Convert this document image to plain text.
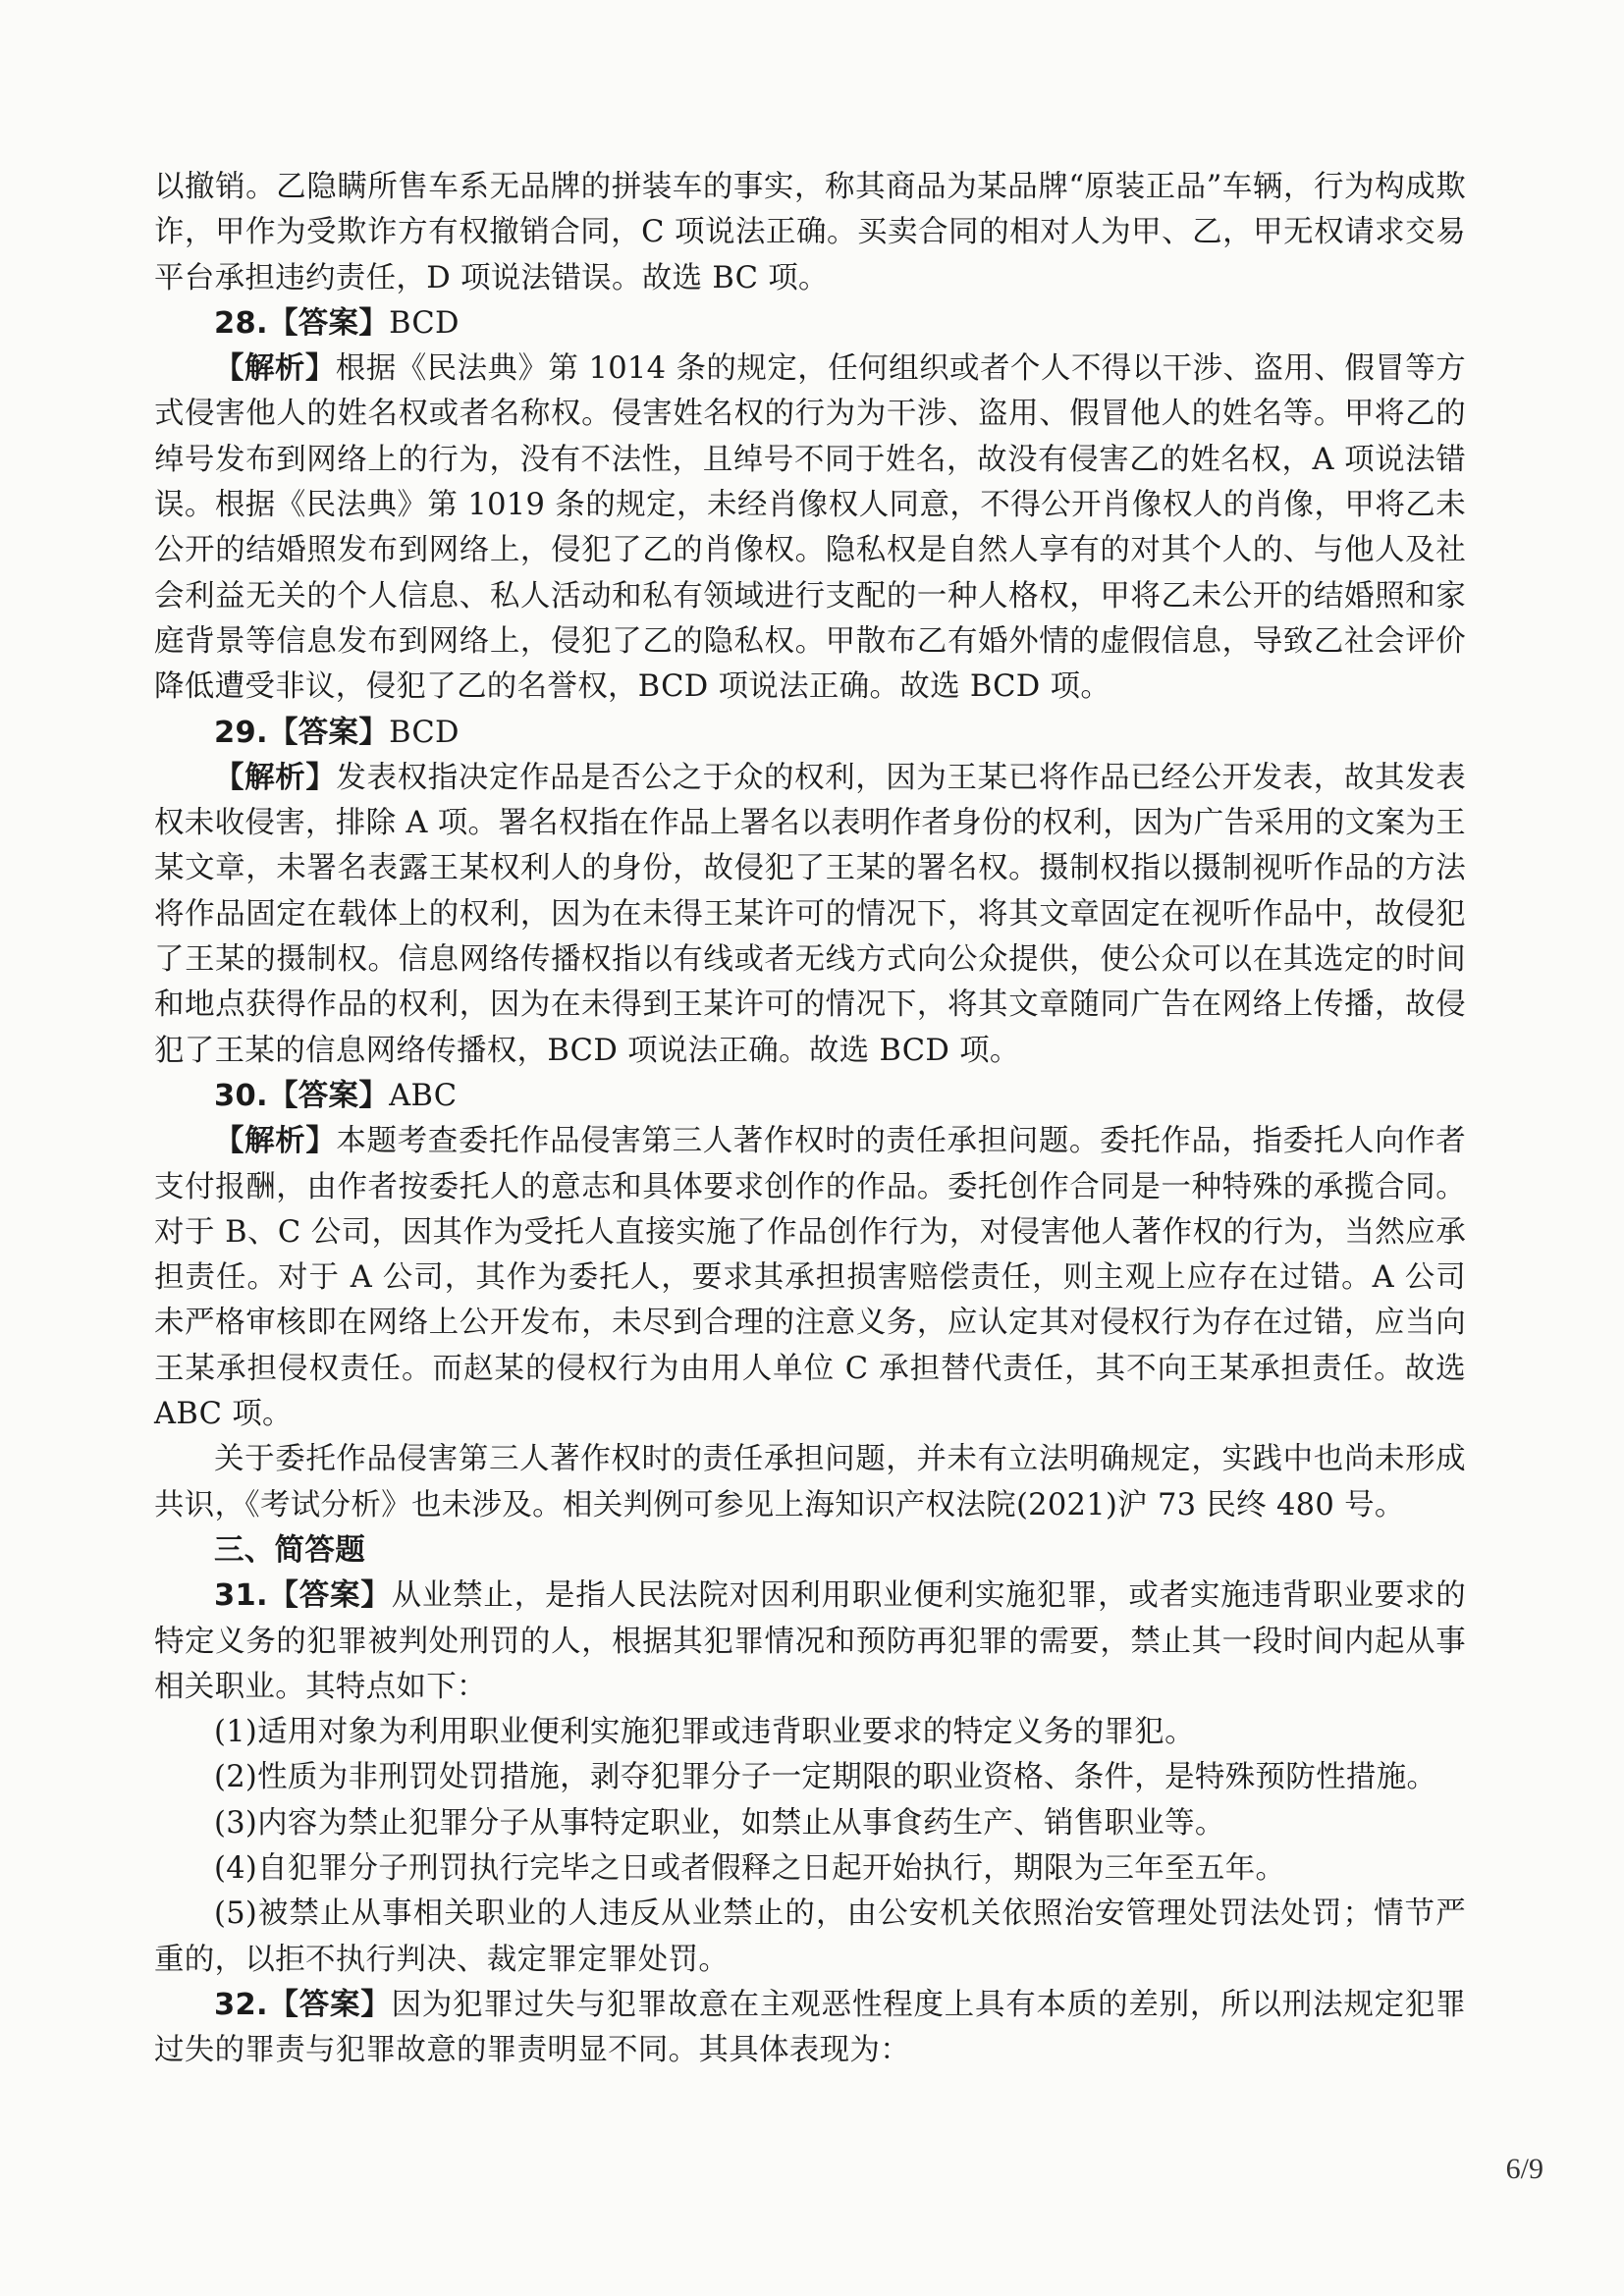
以撤销。乙隐瞒所售车系无品牌的拼装车的事实，称其商品为某品牌“原装正品”车辆，行为构成欺诈，甲作为受欺诈方有权撤销合同，C 项说法正确。买卖合同的相对人为甲、乙，甲无权请求交易平台承担违约责任，D 项说法错误。故选 BC 项。

28.【答案】BCD

【解析】根据《民法典》第 1014 条的规定，任何组织或者个人不得以干涉、盗用、假冒等方式侵害他人的姓名权或者名称权。侵害姓名权的行为为干涉、盗用、假冒他人的姓名等。甲将乙的绰号发布到网络上的行为，没有不法性，且绰号不同于姓名，故没有侵害乙的姓名权，A 项说法错误。根据《民法典》第 1019 条的规定，未经肖像权人同意，不得公开肖像权人的肖像，甲将乙未公开的结婚照发布到网络上，侵犯了乙的肖像权。隐私权是自然人享有的对其个人的、与他人及社会利益无关的个人信息、私人活动和私有领域进行支配的一种人格权，甲将乙未公开的结婚照和家庭背景等信息发布到网络上，侵犯了乙的隐私权。甲散布乙有婚外情的虚假信息，导致乙社会评价降低遭受非议，侵犯了乙的名誉权，BCD 项说法正确。故选 BCD 项。

29.【答案】BCD

【解析】发表权指决定作品是否公之于众的权利，因为王某已将作品已经公开发表，故其发表权未收侵害，排除 A 项。署名权指在作品上署名以表明作者身份的权利，因为广告采用的文案为王某文章，未署名表露王某权利人的身份，故侵犯了王某的署名权。摄制权指以摄制视听作品的方法将作品固定在载体上的权利，因为在未得王某许可的情况下，将其文章固定在视听作品中，故侵犯了王某的摄制权。信息网络传播权指以有线或者无线方式向公众提供，使公众可以在其选定的时间和地点获得作品的权利，因为在未得到王某许可的情况下，将其文章随同广告在网络上传播，故侵犯了王某的信息网络传播权，BCD 项说法正确。故选 BCD 项。

30.【答案】ABC

【解析】本题考查委托作品侵害第三人著作权时的责任承担问题。委托作品，指委托人向作者支付报酬，由作者按委托人的意志和具体要求创作的作品。委托创作合同是一种特殊的承揽合同。对于 B、C 公司，因其作为受托人直接实施了作品创作行为，对侵害他人著作权的行为，当然应承担责任。对于 A 公司，其作为委托人，要求其承担损害赔偿责任，则主观上应存在过错。A 公司未严格审核即在网络上公开发布，未尽到合理的注意义务，应认定其对侵权行为存在过错，应当向王某承担侵权责任。而赵某的侵权行为由用人单位 C 承担替代责任，其不向王某承担责任。故选 ABC 项。

关于委托作品侵害第三人著作权时的责任承担问题，并未有立法明确规定，实践中也尚未形成共识，《考试分析》也未涉及。相关判例可参见上海知识产权法院(2021)沪 73 民终 480 号。

三、简答题

31.【答案】从业禁止，是指人民法院对因利用职业便利实施犯罪，或者实施违背职业要求的特定义务的犯罪被判处刑罚的人，根据其犯罪情况和预防再犯罪的需要，禁止其一段时间内起从事相关职业。其特点如下：

(1)适用对象为利用职业便利实施犯罪或违背职业要求的特定义务的罪犯。

(2)性质为非刑罚处罚措施，剥夺犯罪分子一定期限的职业资格、条件，是特殊预防性措施。

(3)内容为禁止犯罪分子从事特定职业，如禁止从事食药生产、销售职业等。

(4)自犯罪分子刑罚执行完毕之日或者假释之日起开始执行，期限为三年至五年。

(5)被禁止从事相关职业的人违反从业禁止的，由公安机关依照治安管理处罚法处罚；情节严重的，以拒不执行判决、裁定罪定罪处罚。

32.【答案】因为犯罪过失与犯罪故意在主观恶性程度上具有本质的差别，所以刑法规定犯罪过失的罪责与犯罪故意的罪责明显不同。其具体表现为：

6/9
